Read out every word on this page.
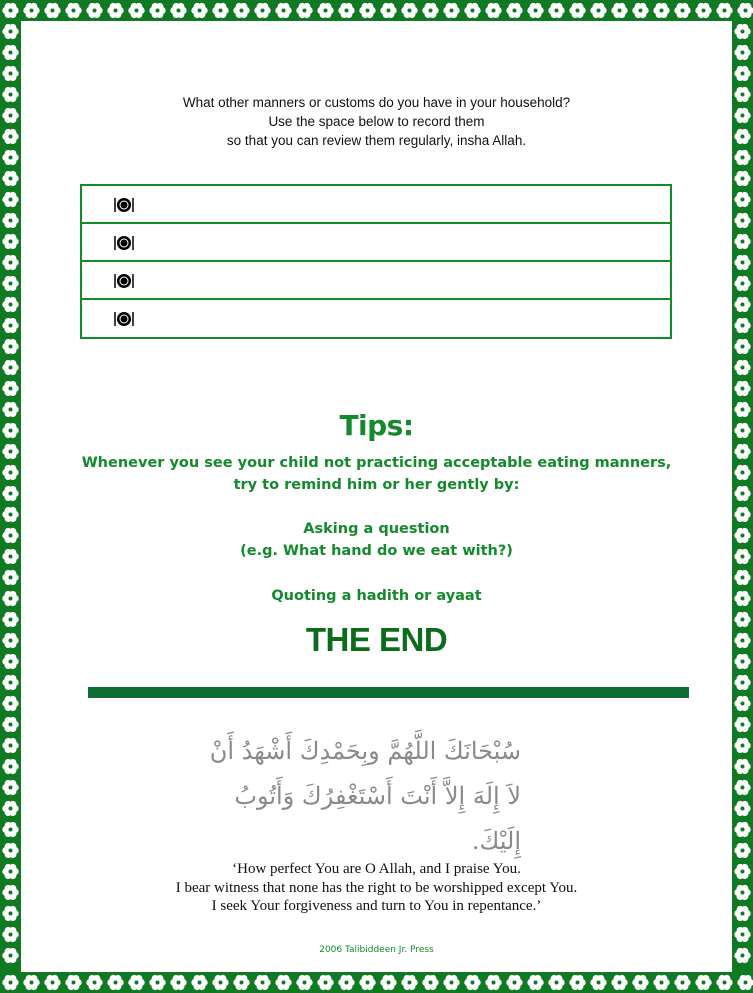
What other manners or customs do you have in your household?
Use the space below to record them
so that you can review them regularly, insha Allah.
Tips:
Whenever you see your child not practicing acceptable eating manners,
try to remind him or her gently by:
Asking a question
(e.g. What hand do we eat with?)
Quoting a hadith or ayaat
THE END
سُبْحَانَكَ اللَّهُمَّ وبِحَمْدِكَ أَشْهَدُ أَنْ
لاَ إِلَهَ إِلاَّ أَنْتَ أَسْتَغْفِرُكَ وَأَتُوبُ
إِلَيْكَ.
‘How perfect You are O Allah, and I praise You.
I bear witness that none has the right to be worshipped except You.
I seek Your forgiveness and turn to You in repentance.’
2006 Talibiddeen Jr. Press
